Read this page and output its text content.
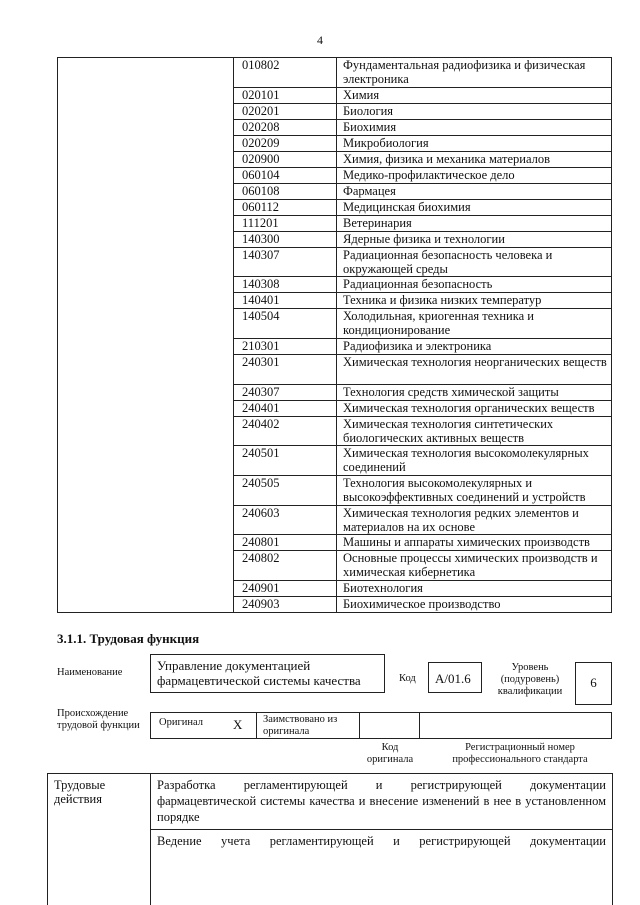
4
010802	Фундаментальная радиофизика и физическая электроника
020101	Химия
020201	Биология
020208	Биохимия
020209	Микробиология
020900	Химия, физика и механика материалов
060104	Медико-профилактическое дело
060108	Фармацея
060112	Медицинская биохимия
111201	Ветеринария
140300	Ядерные физика и технологии
140307	Радиационная безопасность человека и окружающей среды
140308	Радиационная безопасность
140401	Техника и физика низких температур
140504	Холодильная, криогенная техника и кондиционирование
210301	Радиофизика и электроника
240301	Химическая технология неорганических веществ
240307	Технология средств химической защиты
240401	Химическая технология органических веществ
240402	Химическая технология синтетических биологических активных веществ
240501	Химическая технология высокомолекулярных соединений
240505	Технология высокомолекулярных и высокоэффективных соединений и устройств
240603	Химическая технология редких элементов и материалов на их основе
240801	Машины и аппараты химических производств
240802	Основные процессы химических производств и химическая кибернетика
240901	Биотехнология
240903	Биохимическое производство
3.1.1. Трудовая функция
Наименование	Управление документацией фармацевтической системы качества	Код	A/01.6
Уровень (подуровень) квалификации
6
Происхождение трудовой функции	Оригинал X Заимствовано из оригинала
Код оригинала
Регистрационный номер профессионального стандарта
Трудовые действия
Разработка регламентирующей и регистрирующей документации фармацевтической системы качества и внесение изменений в нее в установленном порядке
Ведение учета регламентирующей и регистрирующей документации
